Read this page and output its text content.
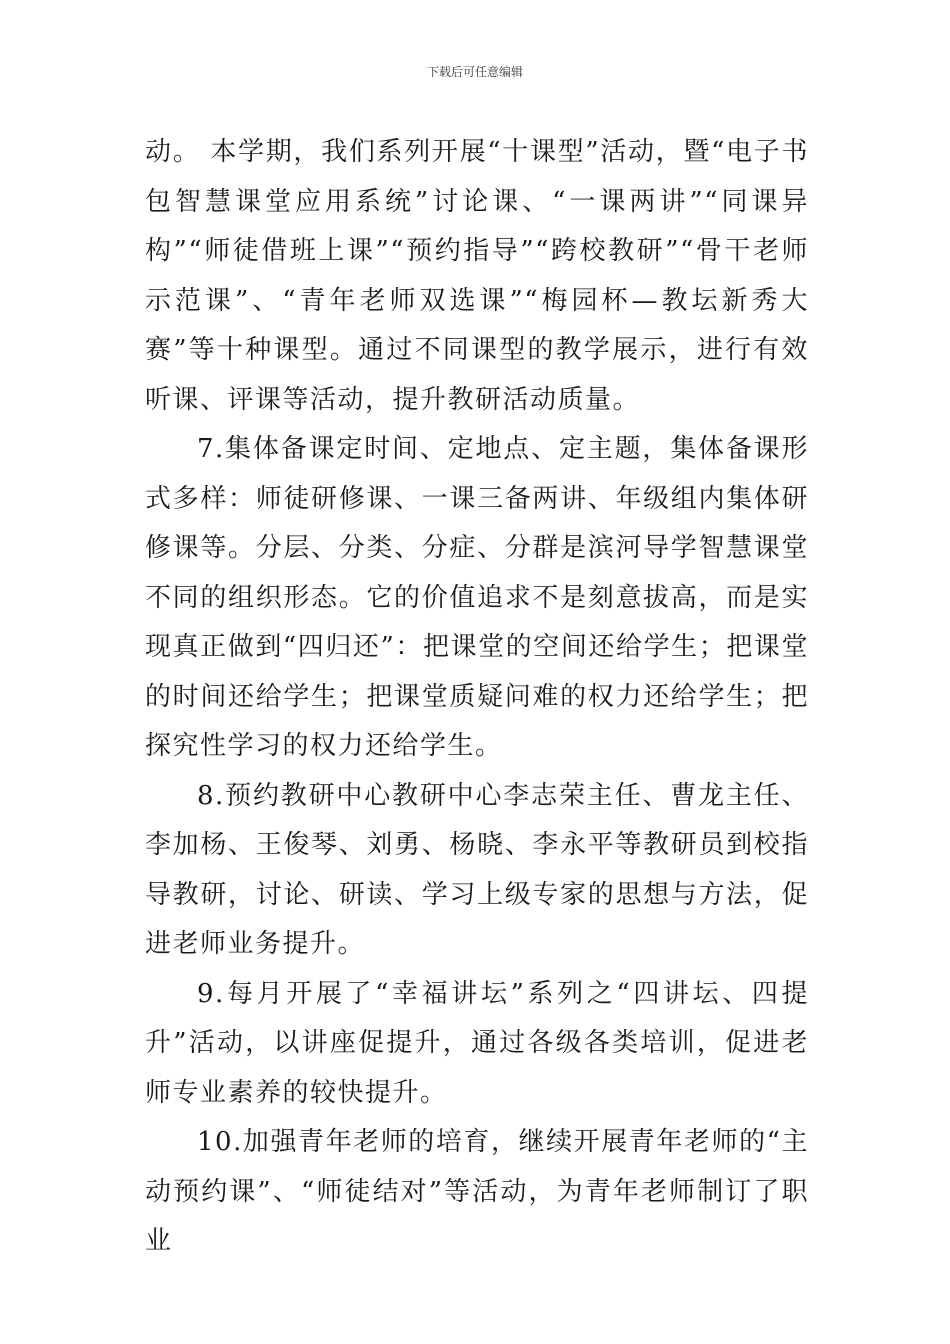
下载后可任意编辑

动。 本学期，我们系列开展“十课型”活动，暨“电子书包智慧课堂应用系统”讨论课、“一课两讲”“同课异构”“师徒借班上课”“预约指导”“跨校教研”“骨干老师示范课”、“青年老师双选课”“梅园杯—教坛新秀大赛”等十种课型。通过不同课型的教学展示，进行有效听课、评课等活动，提升教研活动质量。

7.集体备课定时间、定地点、定主题，集体备课形式多样：师徒研修课、一课三备两讲、年级组内集体研修课等。分层、分类、分症、分群是滨河导学智慧课堂不同的组织形态。它的价值追求不是刻意拔高，而是实现真正做到“四归还”：把课堂的空间还给学生；把课堂的时间还给学生；把课堂质疑问难的权力还给学生；把探究性学习的权力还给学生。

8.预约教研中心教研中心李志荣主任、曹龙主任、李加杨、王俊琴、刘勇、杨晓、李永平等教研员到校指导教研，讨论、研读、学习上级专家的思想与方法，促进老师业务提升。

9.每月开展了“幸福讲坛”系列之“四讲坛、四提升”活动，以讲座促提升，通过各级各类培训，促进老师专业素养的较快提升。

10.加强青年老师的培育，继续开展青年老师的“主动预约课”、“师徒结对”等活动，为青年老师制订了职业
